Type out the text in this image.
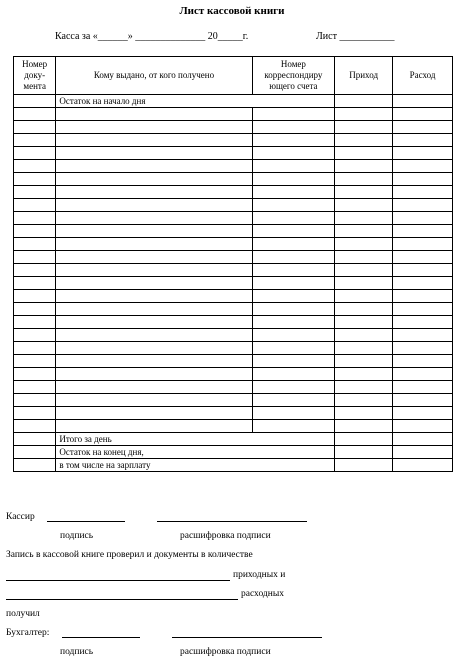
Лист кассовой книги
Касса за «______» ______________ 20_____г.	Лист ___________
Номер доку-мента	Кому выдано, от кого получено	Номер корреспондиру ющего счета	Приход	Расход
	Остаток на начало дня			

	Итого за день			
	Остаток на конец дня,			
	в том числе на зарплату			
Кассир
подпись	расшифровка подписи
Запись в кассовой книге проверил и документы в количестве
приходных и
расходных
получил
Бухгалтер:
подпись	расшифровка подписи
